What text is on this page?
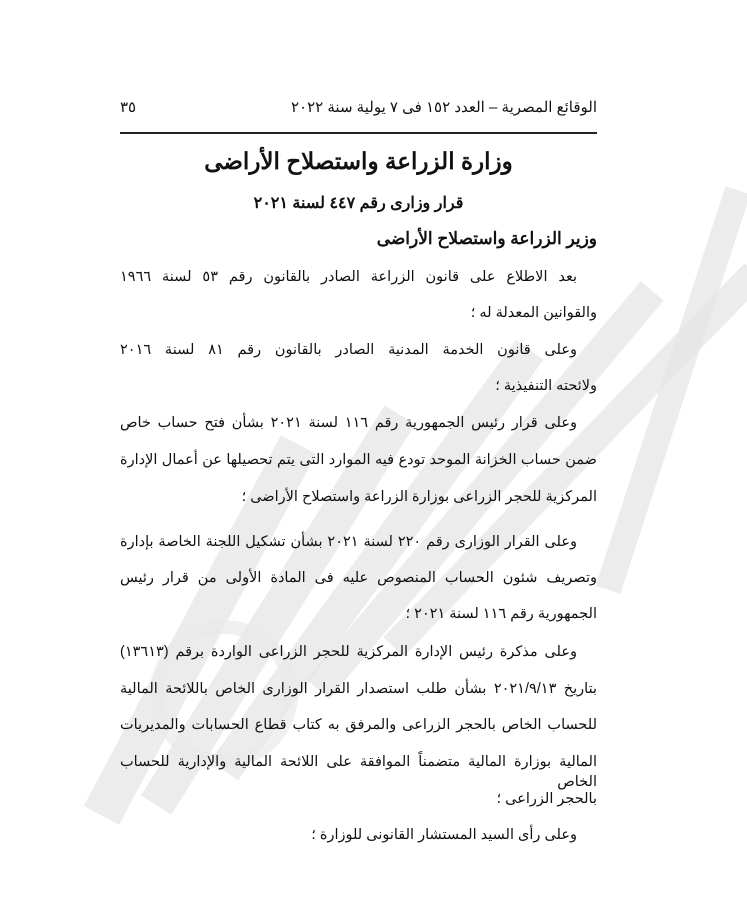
الوقائع المصرية – العدد ١٥٢ فى ٧ يولية سنة ٢٠٢٢
٣٥
وزارة الزراعة واستصلاح الأراضى
قرار وزارى رقم ٤٤٧ لسنة ٢٠٢١
وزير الزراعة واستصلاح الأراضى
بعد الاطلاع على قانون الزراعة الصادر بالقانون رقم ٥٣ لسنة ١٩٦٦
والقوانين المعدلة له ؛
وعلى قانون الخدمة المدنية الصادر بالقانون رقم ٨١ لسنة ٢٠١٦
ولائحته التنفيذية ؛
وعلى قرار رئيس الجمهورية رقم ١١٦ لسنة ٢٠٢١ بشأن فتح حساب خاص
ضمن حساب الخزانة الموحد تودع فيه الموارد التى يتم تحصيلها عن أعمال الإدارة
المركزية للحجر الزراعى بوزارة الزراعة واستصلاح الأراضى ؛
وعلى القرار الوزارى رقم ٢٢٠ لسنة ٢٠٢١ بشأن تشكيل اللجنة الخاصة بإدارة
وتصريف شئون الحساب المنصوص عليه فى المادة الأولى من قرار رئيس
الجمهورية رقم ١١٦ لسنة ٢٠٢١ ؛
وعلى مذكرة رئيس الإدارة المركزية للحجر الزراعى الواردة برقم (١٣٦١٣)
بتاريخ ٢٠٢١/٩/١٣ بشأن طلب استصدار القرار الوزارى الخاص باللائحة المالية
للحساب الخاص بالحجر الزراعى والمرفق به كتاب قطاع الحسابات والمديريات
المالية بوزارة المالية متضمناً الموافقة على اللائحة المالية والإدارية للحساب الخاص
بالحجر الزراعى ؛
وعلى رأى السيد المستشار القانونى للوزارة ؛
